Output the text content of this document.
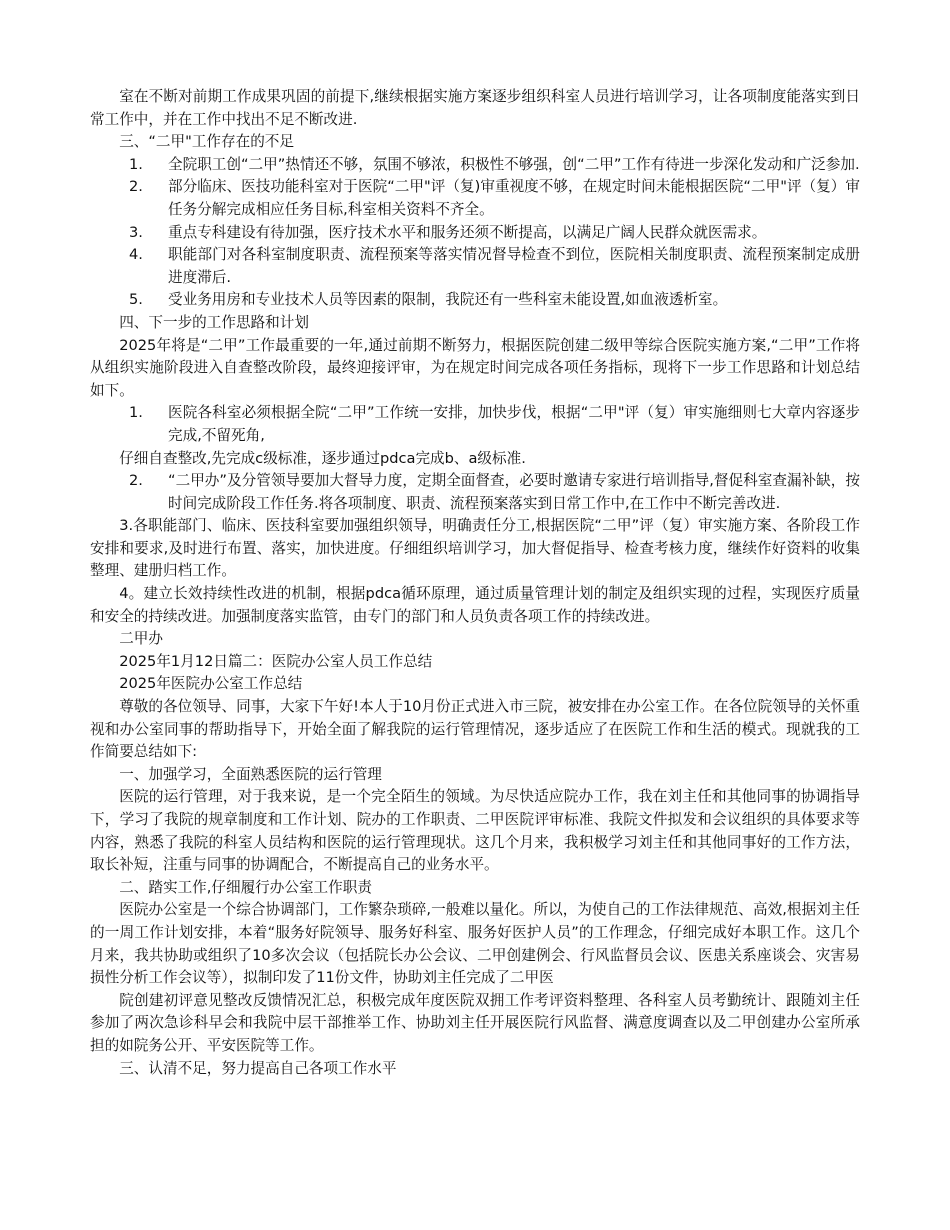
室在不断对前期工作成果巩固的前提下,继续根据实施方案逐步组织科室人员进行培训学习，让各项制度能落实到日常工作中，并在工作中找出不足不断改进.

三、“二甲"工作存在的不足

1. 全院职工创“二甲”热情还不够，氛围不够浓，积极性不够强，创“二甲”工作有待进一步深化发动和广泛参加.

2. 部分临床、医技功能科室对于医院“二甲"评（复)审重视度不够，在规定时间未能根据医院“二甲"评（复）审任务分解完成相应任务目标,科室相关资料不齐全。

3. 重点专科建设有待加强，医疗技术水平和服务还须不断提高，以满足广阔人民群众就医需求。

4. 职能部门对各科室制度职责、流程预案等落实情况督导检查不到位，医院相关制度职责、流程预案制定成册进度滞后.

5. 受业务用房和专业技术人员等因素的限制，我院还有一些科室未能设置,如血液透析室。

四、下一步的工作思路和计划

2025年将是“二甲”工作最重要的一年,通过前期不断努力，根据医院创建二级甲等综合医院实施方案,“二甲”工作将从组织实施阶段进入自查整改阶段，最终迎接评审，为在规定时间完成各项任务指标，现将下一步工作思路和计划总结如下。

1. 医院各科室必须根据全院“二甲”工作统一安排，加快步伐，根据“二甲"评（复）审实施细则七大章内容逐步完成,不留死角,

仔细自查整改,先完成c级标准，逐步通过pdca完成b、a级标准.

2. “二甲办”及分管领导要加大督导力度，定期全面督查，必要时邀请专家进行培训指导,督促科室查漏补缺，按时间完成阶段工作任务.将各项制度、职责、流程预案落实到日常工作中,在工作中不断完善改进.

3.各职能部门、临床、医技科室要加强组织领导，明确责任分工,根据医院“二甲”评（复）审实施方案、各阶段工作安排和要求,及时进行布置、落实，加快进度。仔细组织培训学习，加大督促指导、检查考核力度，继续作好资料的收集整理、建册归档工作。

4。建立长效持续性改进的机制，根据pdca循环原理，通过质量管理计划的制定及组织实现的过程，实现医疗质量和安全的持续改进。加强制度落实监管，由专门的部门和人员负责各项工作的持续改进。

二甲办

2025年1月12日篇二：医院办公室人员工作总结

2025年医院办公室工作总结

尊敬的各位领导、同事，大家下午好!本人于10月份正式进入市三院，被安排在办公室工作。在各位院领导的关怀重视和办公室同事的帮助指导下，开始全面了解我院的运行管理情况，逐步适应了在医院工作和生活的模式。现就我的工作简要总结如下:

一、加强学习，全面熟悉医院的运行管理

医院的运行管理，对于我来说，是一个完全陌生的领域。为尽快适应院办工作，我在刘主任和其他同事的协调指导下，学习了我院的规章制度和工作计划、院办的工作职责、二甲医院评审标准、我院文件拟发和会议组织的具体要求等内容，熟悉了我院的科室人员结构和医院的运行管理现状。这几个月来，我积极学习刘主任和其他同事好的工作方法，取长补短，注重与同事的协调配合，不断提高自己的业务水平。

二、踏实工作,仔细履行办公室工作职责

医院办公室是一个综合协调部门，工作繁杂琐碎,一般难以量化。所以，为使自己的工作法律规范、高效,根据刘主任的一周工作计划安排，本着“服务好院领导、服务好科室、服务好医护人员”的工作理念，仔细完成好本职工作。这几个月来，我共协助或组织了10多次会议（包括院长办公会议、二甲创建例会、行风监督员会议、医患关系座谈会、灾害易损性分析工作会议等），拟制印发了11份文件，协助刘主任完成了二甲医

院创建初评意见整改反馈情况汇总，积极完成年度医院双拥工作考评资料整理、各科室人员考勤统计、跟随刘主任参加了两次急诊科早会和我院中层干部推举工作、协助刘主任开展医院行风监督、满意度调查以及二甲创建办公室所承担的如院务公开、平安医院等工作。

三、认清不足，努力提高自己各项工作水平
